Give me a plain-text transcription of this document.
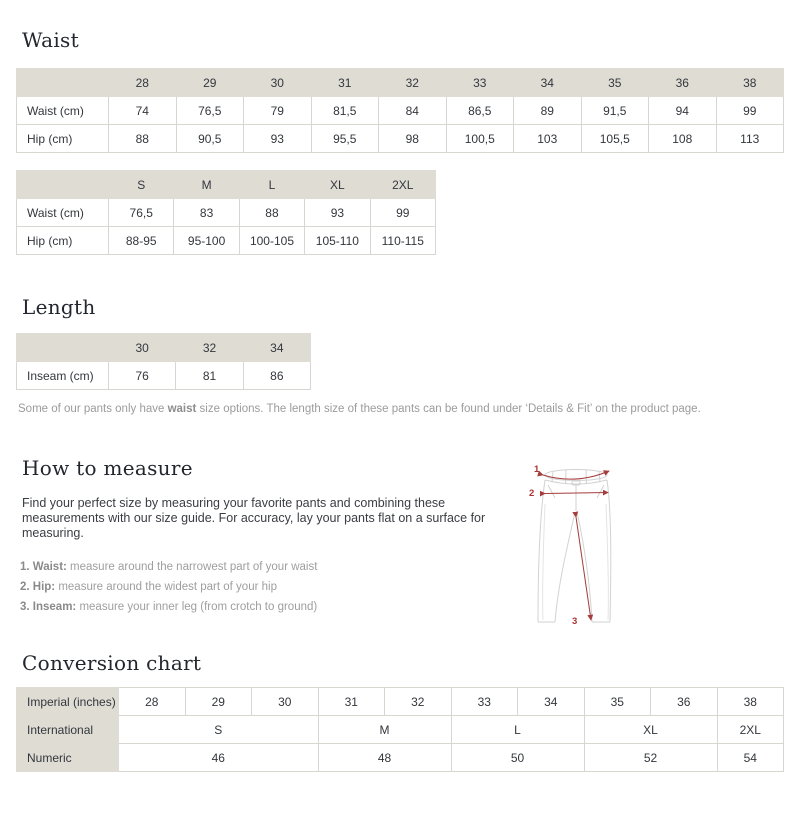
Waist
	28	29	30	31	32	33	34	35	36	38
Waist (cm)	74	76,5	79	81,5	84	86,5	89	91,5	94	99
Hip (cm)	88	90,5	93	95,5	98	100,5	103	105,5	108	113
	S	M	L	XL	2XL
Waist (cm)	76,5	83	88	93	99
Hip (cm)	88-95	95-100	100-105	105-110	110-115
Length
	30	32	34
Inseam (cm)	76	81	86

Some of our pants only have waist size options. The length size of these pants can be found under ‘Details & Fit’ on the product page.

How to measure

Find your perfect size by measuring your favorite pants and combining these measurements with our size guide. For accuracy, lay your pants flat on a surface for measuring.

1. Waist: measure around the narrowest part of your waist
2. Hip: measure around the widest part of your hip
3. Inseam: measure your inner leg (from crotch to ground)
1
2
3
Conversion chart
Imperial (inches)	28	29	30	31	32	33	34	35	36	38
International	S			M		L		XL		2XL
Numeric	46			48		50		52		54
